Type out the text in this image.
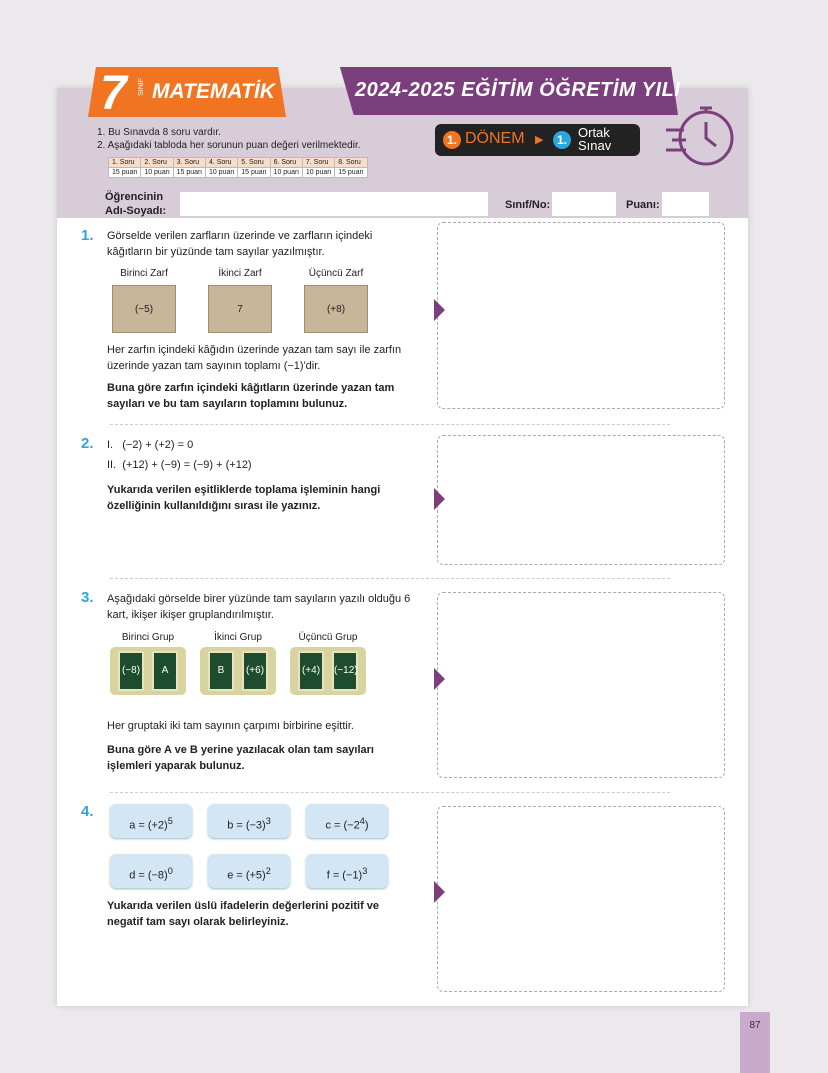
7 SINIF MATEMATİK	2024-2025 EĞİTİM ÖĞRETİM YILI
1. DÖNEM ▶	1. Ortak
Sınav
1. Bu Sınavda 8 soru vardır.
2. Aşağıdaki tabloda her sorunun puan değeri verilmektedir.
1. Soru	2. Soru	3. Soru	4. Soru	5. Soru	6. Soru	7. Soru	8. Soru
15 puan	10 puan	15 puan	10 puan	15 puan	10 puan	10 puan	15 puan
Öğrencinin
Adı-Soyadı:	Sınıf/No:	Puanı:
1. Görselde verilen zarfların üzerinde ve zarfların içindeki kâğıtların bir yüzünde tam sayılar yazılmıştır.
Birinci Zarf
(−5)
İkinci Zarf
7
Üçüncü Zarf
(+8)
Her zarfın içindeki kâğıdın üzerinde yazan tam sayı ile zarfın üzerinde yazan tam sayının toplamı (−1)'dir.
Buna göre zarfın içindeki kâğıtların üzerinde yazan tam sayıları ve bu tam sayıların toplamını bulunuz.
2. I.   (−2) + (+2) = 0
II.  (+12) + (−9) = (−9) + (+12)
Yukarıda verilen eşitliklerde toplama işleminin hangi özelliğinin kullanıldığını sırası ile yazınız.
3. Aşağıdaki görselde birer yüzünde tam sayıların yazılı olduğu 6 kart, ikişer ikişer gruplandırılmıştır.
Birinci Grup
(−8)	A
İkinci Grup
B	(+6)
Üçüncü Grup
(+4)	(−12)
Her gruptaki iki tam sayının çarpımı birbirine eşittir.
Buna göre A ve B yerine yazılacak olan tam sayıları işlemleri yaparak bulunuz.
4.
$a = (+2)^5$	$b = (-3)^3$	$c = (-2^4)$
$d = (-8)^0$	$e = (+5)^2$	$f = (-1)^3$
Yukarıda verilen üslü ifadelerin değerlerini pozitif ve negatif tam sayı olarak belirleyiniz.
87
